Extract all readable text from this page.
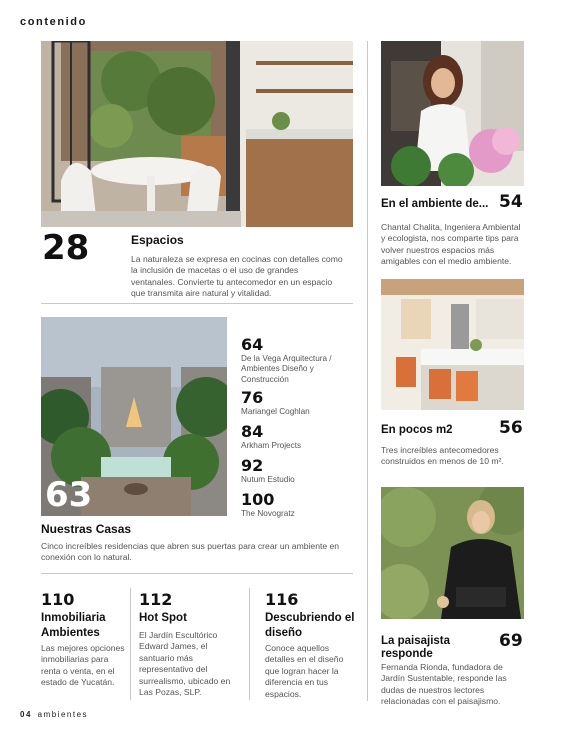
contenido
28	Espacios
La naturaleza se expresa en cocinas con detalles como la inclusión de macetas o el uso de grandes ventanales. Convierte tu antecomedor en un espacio que transmita aire natural y vitalidad.
63
64
De la Vega Arquitectura / Ambientes Diseño y Construcción
76
Mariangel Coghlan
84
Arkham Projects
92
Nutum Estudio
100
The Novogratz
Nuestras Casas
Cinco increíbles residencias que abren sus puertas para crear un ambiente en conexión con lo natural.
110
Inmobiliaria Ambientes
Las mejores opciones inmobiliarias para renta o venta, en el estado de Yucatán.
112
Hot Spot
El Jardín Escultórico Edward James, el santuario más representativo del surrealismo, ubicado en Las Pozas, SLP.
116
Descubriendo el diseño
Conoce aquellos detalles en el diseño que logran hacer la diferencia en tus espacios.
En el ambiente de... 54
Chantal Chalita, Ingeniera Ambiental y ecologista, nos comparte tips para volver nuestros espacios más amigables con el medio ambiente.
En pocos m2	56
Tres increíbles antecomedores construidos en menos de 10 m².
La paisajista responde
69
Fernanda Rionda, fundadora de Jardín Sustentable, responde las dudas de nuestros lectores relacionadas con el paisajismo.
04 ambientes
